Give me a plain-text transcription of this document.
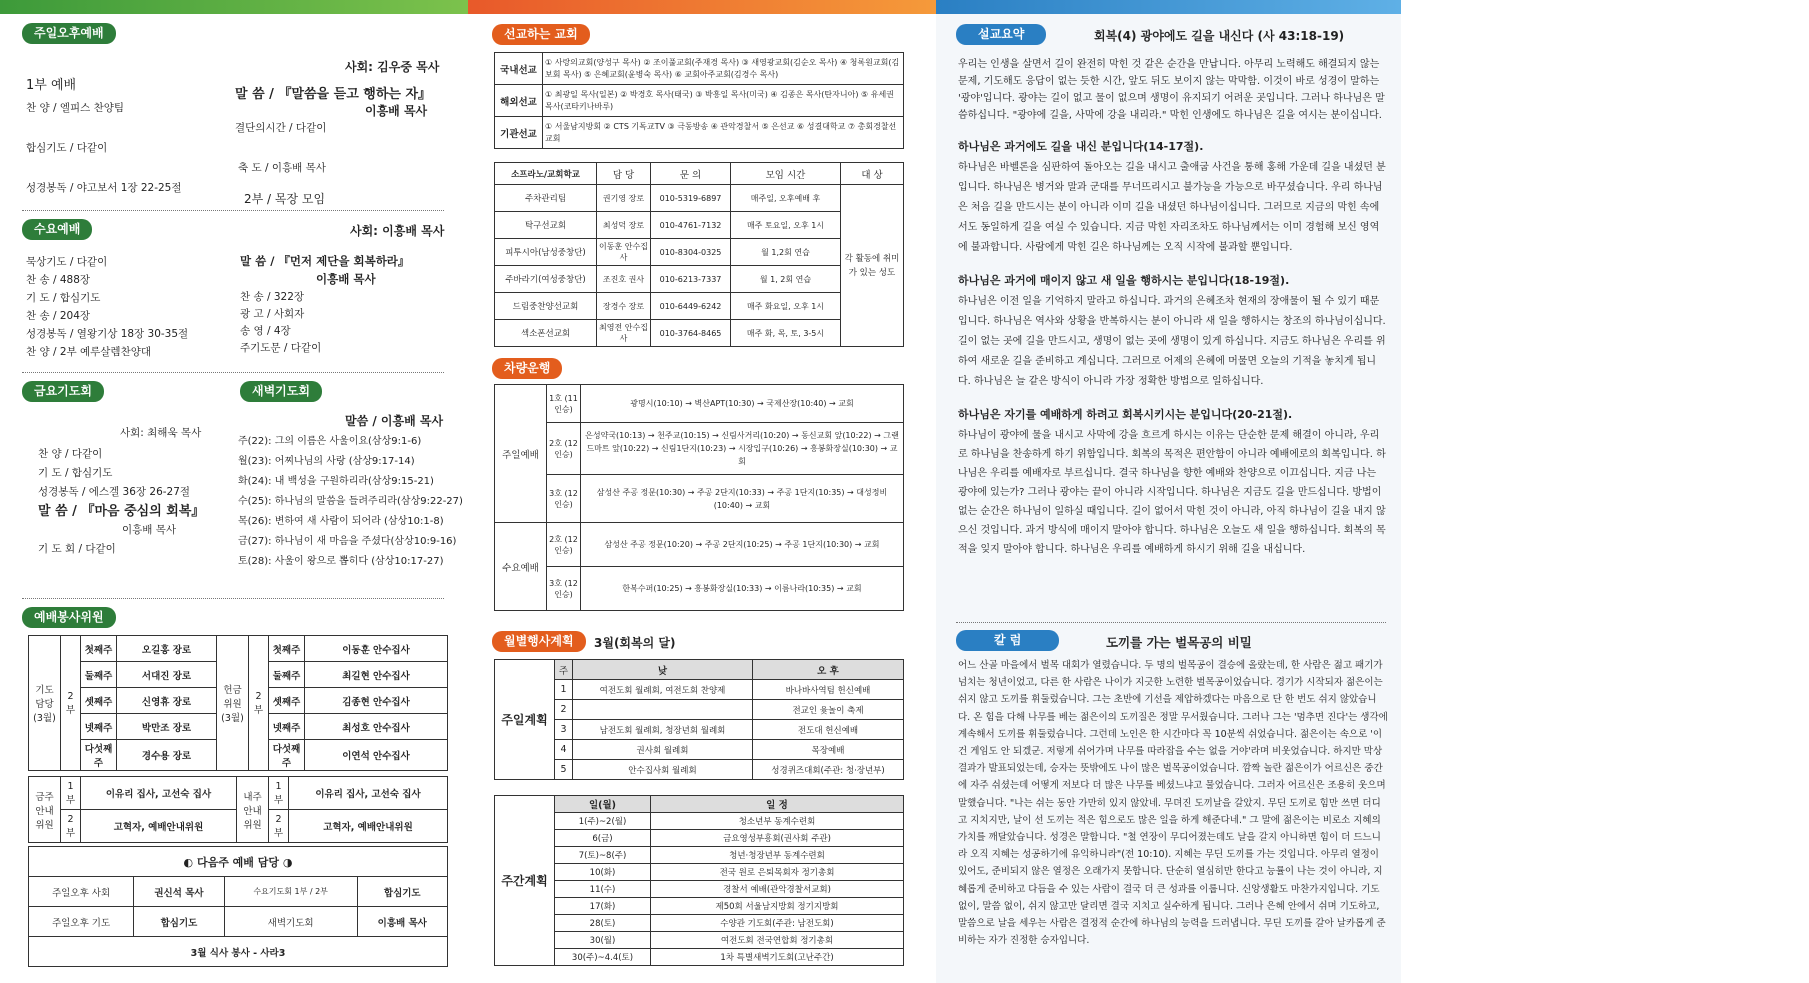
주일오후예배
사회: 김우중 목사
1부 예배
찬 양 / 엘피스 찬양팀
말 씀 / 『말씀을 듣고 행하는 자』
이흥배 목사
결단의시간 / 다같이
합심기도 / 다같이
축 도 / 이흥배 목사
성경봉독 / 야고보서 1장 22-25절
2부 / 목장 모임
수요예배	사회: 이흥배 목사
묵상기도 / 다같이
찬 송 / 488장
기 도 / 합심기도
찬 송 / 204장
성경봉독 / 열왕기상 18장 30-35절
찬 양 / 2부 예루살렘찬양대
말 씀 / 『먼저 제단을 회복하라』
이흥배 목사
찬 송 / 322장
광 고 / 사회자
송 영 / 4장
주기도문 / 다같이
금요기도회
사회: 최해욱 목사
찬 양 / 다같이
기 도 / 합심기도
성경봉독 / 에스겔 36장 26-27절
말 씀 / 『마음 중심의 회복』
이흥배 목사
기 도 회 / 다같이
새벽기도회
말씀 / 이흥배 목사
주(22): 그의 이름은 사울이요(삼상9:1-6)
월(23): 어찌나님의 사랑 (삼상9:17-14)
화(24): 내 백성을 구원하리라(삼상9:15-21)
수(25): 하나님의 말씀을 들려주리라(삼상9:22-27)
목(26): 변하여 새 사람이 되어라 (삼상10:1-8)
금(27): 하나님이 새 마음을 주셨다(삼상10:9-16)
토(28): 사울이 왕으로 뽑히다 (삼상10:17-27)
예배봉사위원
기도 담당 (3월)	2부	첫째주	오길홍 장로	헌금 위원 (3월)	2부	첫째주	이동훈 안수집사
		둘째주	서대진 장로			둘째주	최길현 안수집사
		셋째주	신영휴 장로			셋째주	김종현 안수집사
		넷째주	박만조 장로			넷째주	최성호 안수집사
		다섯째주	경수용 장로			다섯째주	이연석 안수집사
금주 안내 위원	1부	이유리 집사, 고선숙 집사	내주 안내 위원	1부	이유리 집사, 고선숙 집사
	2부	고혁자, 예배안내위원		2부	고혁자, 예배안내위원
◐ 다음주 예배 담당 ◑			
주일오후 사회	권신석 목사	수요기도회 1부 / 2부	합심기도
주일오후 기도	합심기도	새벽기도회	이흥배 목사
3월 식사 봉사 - 사라3			
선교하는 교회
국내선교	① 사랑의교회(양성구 목사) ② 조이풀교회(주재경 목사) ③ 새영광교회(김순오 목사) ④ 청록원교회(김보회 목사) ⑤ 은혜교회(윤병숙 목사) ⑥ 교회아주교회(김경수 목사)
해외선교	① 최광일 목사(일본) ② 박경호 목사(태국) ③ 박흥일 목사(미국) ④ 김종은 목사(탄자니아) ⑤ 유세권 목사(코타키나바루)
기관선교	① 서울남지방회 ② CTS 기독교TV ③ 극동방송 ④ 관악경찰서 ⑤ 은선교 ⑥ 성결대학교 ⑦ 총회경찰선교회
소프라노/교회학교	담 당	문 의	모임 시간	대 상
주차관리팀	권기영 장로	010-5319-6897	매주일, 오후예배 후	각 활동에 취미가 있는 성도
탁구선교회	최성덕 장로	010-4761-7132	매주 토요일, 오후 1시	
피투시아(남성중창단)	이동훈 안수집사	010-8304-0325	월 1,2회 연습	
주바라기(여성중창단)	조진호 권사	010-6213-7337	월 1, 2회 연습	
드림중찬양선교회	장경수 장로	010-6449-6242	매주 화요일, 오후 1시	
섹소폰선교회	최영전 안수집사	010-3764-8465	매주 화, 목, 토, 3-5시	
차량운행
주일예배	1호 (11인승)	광명시(10:10) → 벽산APT(10:30) → 국제산장(10:40) → 교회
	2호 (12인승)	은성약국(10:13) → 천주교(10:15) → 신림사거리(10:20) → 동신교회 앞(10:22) → 그랜드마트 앞(10:22) → 신림1단지(10:23) → 시장입구(10:26) → 흥봉화장실(10:30) → 교회
	3호 (12인승)	삼성산 주공 정문(10:30) → 주공 2단지(10:33) → 주공 1단지(10:35) → 대성정비(10:40) → 교회
수요예배	2호 (12인승)	삼성산 주공 정문(10:20) → 주공 2단지(10:25) → 주공 1단지(10:30) → 교회
	3호 (12인승)	한복수퍼(10:25) → 흥봉화장실(10:33) → 이름나라(10:35) → 교회
월별행사계획	3월(회복의 달)
주일계획	주	낮	오 후
	1	여전도회 월례회, 여전도회 찬양제	바나바사역팀 헌신예배
	2		전교인 윷놀이 축제
	3	남전도회 월례회, 청장년회 월례회	전도대 헌신예배
	4	권사회 월례회	목장예배
	5	안수집사회 월례회	성경퀴즈대회(주관: 청·장년부)
주간계획	일(월)	일 정
	1(주)~2(월)	청소년부 동계수련회
	6(금)	금요영성부흥회(권사회 주관)
	7(토)~8(주)	청년·청장년부 동계수련회
	10(화)	전국 원로 은퇴목회자 정기총회
	11(수)	경찰서 예배(관악경찰서교회)
	17(화)	제50회 서울남지방회 정기지방회
	28(토)	수양관 기도회(주관: 남전도회)
	30(월)	여전도회 전국연합회 정기총회
	30(주)~4.4(토)	1차 특별새벽기도회(고난주간)
설교요약	회복(4) 광야에도 길을 내신다 (사 43:18-19)
우리는 인생을 살면서 길이 완전히 막힌 것 같은 순간을 만납니다. 아무리 노력해도 해결되지 않는 문제, 기도해도 응답이 없는 듯한 시간, 앞도 뒤도 보이지 않는 막막함. 이것이 바로 성경이 말하는 '광야'입니다. 광야는 길이 없고 물이 없으며 생명이 유지되기 어려운 곳입니다. 그러나 하나님은 말씀하십니다. "광야에 길을, 사막에 강을 내리라." 막힌 인생에도 하나님은 길을 여시는 분이십니다.
하나님은 과거에도 길을 내신 분입니다(14-17절).
하나님은 바벨론을 심판하여 돌아오는 길을 내시고 출애굽 사건을 통해 홍해 가운데 길을 내셨던 분입니다. 하나님은 병거와 말과 군대를 무너뜨리시고 불가능을 가능으로 바꾸셨습니다. 우리 하나님은 처음 길을 만드시는 분이 아니라 이미 길을 내셨던 하나님이십니다. 그러므로 지금의 막힌 속에서도 동일하게 길을 여실 수 있습니다. 지금 막힌 자리조차도 하나님께서는 이미 경험해 보신 영역에 불과합니다. 사람에게 막힌 길은 하나님께는 오직 시작에 불과할 뿐입니다.
하나님은 과거에 매이지 않고 새 일을 행하시는 분입니다(18-19절).
하나님은 이전 일을 기억하지 말라고 하십니다. 과거의 은혜조차 현재의 장애물이 될 수 있기 때문입니다. 하나님은 역사와 상황을 반복하시는 분이 아니라 새 일을 행하시는 창조의 하나님이십니다. 길이 없는 곳에 길을 만드시고, 생명이 없는 곳에 생명이 있게 하십니다. 지금도 하나님은 우리를 위하여 새로운 길을 준비하고 계십니다. 그러므로 어제의 은혜에 머물면 오늘의 기적을 놓치게 됩니다. 하나님은 늘 같은 방식이 아니라 가장 정확한 방법으로 일하십니다.
하나님은 자기를 예배하게 하려고 회복시키시는 분입니다(20-21절).
하나님이 광야에 물을 내시고 사막에 강을 흐르게 하시는 이유는 단순한 문제 해결이 아니라, 우리로 하나님을 찬송하게 하기 위함입니다. 회복의 목적은 편안함이 아니라 예배에로의 회복입니다. 하나님은 우리를 예배자로 부르십니다. 결국 하나님을 향한 예배와 찬양으로 이끄십니다. 지금 나는 광야에 있는가? 그러나 광야는 끝이 아니라 시작입니다. 하나님은 지금도 길을 만드십니다. 방법이 없는 순간은 하나님이 일하실 때입니다. 길이 없어서 막힌 것이 아니라, 아직 하나님이 길을 내지 않으신 것입니다. 과거 방식에 매이지 말아야 합니다. 하나님은 오늘도 새 일을 행하십니다. 회복의 목적을 잊지 말아야 합니다. 하나님은 우리를 예배하게 하시기 위해 길을 내십니다.
칼 럼	도끼를 가는 벌목공의 비밀
어느 산골 마을에서 벌목 대회가 열렸습니다. 두 명의 벌목공이 결승에 올랐는데, 한 사람은 젊고 패기가 넘치는 청년이었고, 다른 한 사람은 나이가 지긋한 노련한 벌목공이었습니다. 경기가 시작되자 젊은이는 쉬지 않고 도끼를 휘둘렀습니다. 그는 초반에 기선을 제압하겠다는 마음으로 단 한 번도 쉬지 않았습니다. 온 힘을 다해 나무를 베는 젊은이의 도끼질은 정말 무서웠습니다. 그러나 그는 '멈추면 진다'는 생각에 계속해서 도끼를 휘둘렀습니다. 그런데 노인은 한 시간마다 꼭 10분씩 쉬었습니다. 젊은이는 속으로 '이건 게임도 안 되겠군. 저렇게 쉬어가며 나무를 따라잡을 수는 없을 거야'라며 비웃었습니다. 하지만 막상 결과가 발표되었는데, 승자는 뜻밖에도 나이 많은 벌목공이었습니다. 깜짝 놀란 젊은이가 어르신은 중간에 자주 쉬셨는데 어떻게 저보다 더 많은 나무를 베셨느냐고 물었습니다. 그러자 어르신은 조용히 웃으며 말했습니다. "나는 쉬는 동안 가만히 있지 않았네. 무뎌진 도끼날을 갈았지. 무딘 도끼로 힘만 쓰면 더디고 지치지만, 날이 선 도끼는 적은 힘으로도 많은 일을 하게 해준다네." 그 말에 젊은이는 비로소 지혜의 가치를 깨달았습니다. 성경은 말합니다. "철 연장이 무디어졌는데도 날을 갈지 아니하면 힘이 더 드느니라 오직 지혜는 성공하기에 유익하니라"(전 10:10). 지혜는 무딘 도끼를 가는 것입니다. 아무리 열정이 있어도, 준비되지 않은 열정은 오래가지 못합니다. 단순히 열심히만 한다고 능률이 나는 것이 아니라, 지혜롭게 준비하고 다듬을 수 있는 사람이 결국 더 큰 성과를 이룹니다. 신앙생활도 마찬가지입니다. 기도 없이, 말씀 없이, 쉬지 않고만 달리면 결국 지치고 실수하게 됩니다. 그러나 은혜 안에서 쉬며 기도하고, 말씀으로 날을 세우는 사람은 결정적 순간에 하나님의 능력을 드러냅니다. 무딘 도끼를 갈아 날카롭게 준비하는 자가 진정한 승자입니다.
